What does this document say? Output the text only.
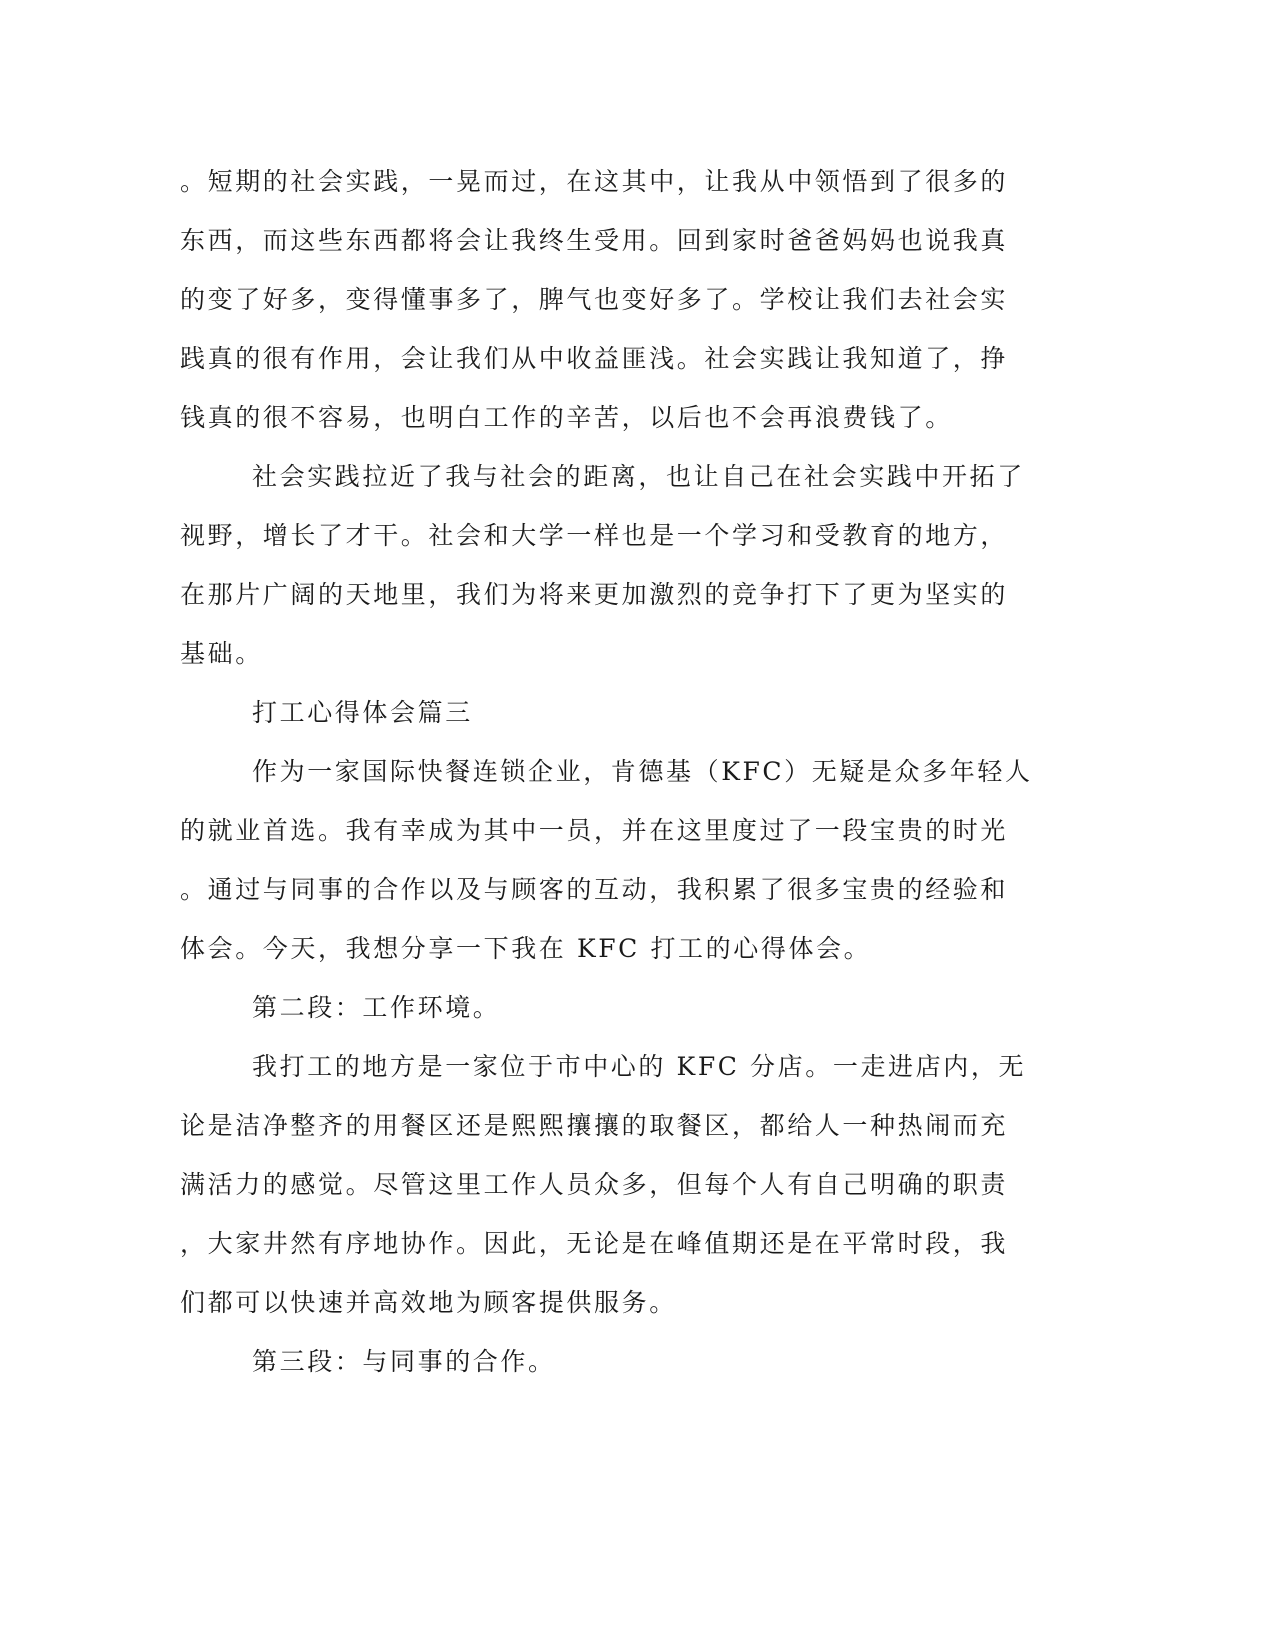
。短期的社会实践，一晃而过，在这其中，让我从中领悟到了很多的
东西，而这些东西都将会让我终生受用。回到家时爸爸妈妈也说我真
的变了好多，变得懂事多了，脾气也变好多了。学校让我们去社会实
践真的很有作用，会让我们从中收益匪浅。社会实践让我知道了，挣
钱真的很不容易，也明白工作的辛苦，以后也不会再浪费钱了。
社会实践拉近了我与社会的距离，也让自己在社会实践中开拓了
视野，增长了才干。社会和大学一样也是一个学习和受教育的地方，
在那片广阔的天地里，我们为将来更加激烈的竞争打下了更为坚实的
基础。
打工心得体会篇三
作为一家国际快餐连锁企业，肯德基（KFC）无疑是众多年轻人
的就业首选。我有幸成为其中一员，并在这里度过了一段宝贵的时光
。通过与同事的合作以及与顾客的互动，我积累了很多宝贵的经验和
体会。今天，我想分享一下我在 KFC 打工的心得体会。
第二段：工作环境。
我打工的地方是一家位于市中心的 KFC 分店。一走进店内，无
论是洁净整齐的用餐区还是熙熙攘攘的取餐区，都给人一种热闹而充
满活力的感觉。尽管这里工作人员众多，但每个人有自己明确的职责
，大家井然有序地协作。因此，无论是在峰值期还是在平常时段，我
们都可以快速并高效地为顾客提供服务。
第三段：与同事的合作。
